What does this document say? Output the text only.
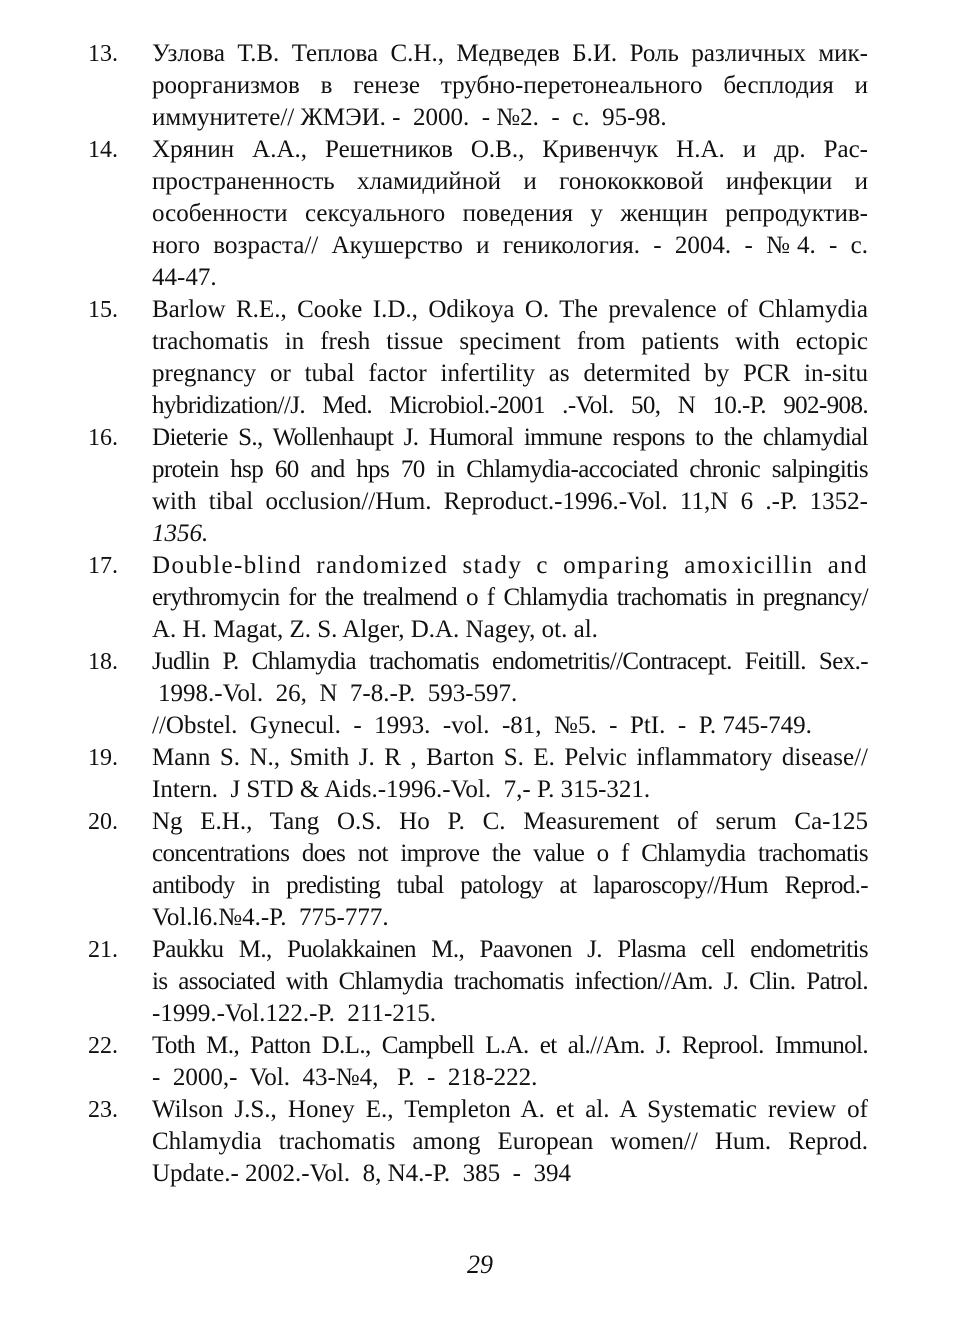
13.	Узлова Т.В. Теплова С.Н., Медведев Б.И. Роль различных мик-
роорганизмов в генезе трубно-перетонеального бесплодия и
иммунитете// ЖМЭИ. -  2000.  - №2.  -  с.  95-98.
14.	Хрянин А.А., Решетников О.В., Кривенчук Н.А. и др. Рас-
пространенность хламидийной и гонококковой инфекции и
особенности сексуального поведения у женщин репродуктив-
ного возраста// Акушерство и геникология. - 2004. - №4. - с.
44-47.
15.	Barlow R.E., Cooke I.D., Odikoya O. The prevalence of Chlamydia
trachomatis in fresh tissue speciment from patients with ectopic
pregnancy or tubal factor infertility as determited by PCR in-situ
hybridization//J. Med. Microbiol.-2001 .-Vol. 50, N 10.-P. 902-908.
16.	Dieterie S., Wollenhaupt J. Humoral immune respons to the chlamydial
protein hsp 60 and hps 70 in Chlamydia-accociated chronic salpingitis
with tibal occlusion//Hum. Reproduct.-1996.-Vol. 11,N 6 .-P. 1352-
1356.
17.	Double-blind randomized stady c omparing amoxicillin and
erythromycin for the trealmend o f Chlamydia trachomatis in pregnancy/
A. H. Magat, Z. S. Alger, D.A. Nagey, ot. al.
18.	Judlin P. Chlamydia trachomatis endometritis//Contracept. Feitill. Sex.-
1998.-Vol.  26,  N  7-8.-P.  593-597.
//Obstel.  Gynecul.  -  1993.  -vol.  -81,  №5.  -  PtI.  -  P. 745-749.
19.	Mann S. N., Smith J. R , Barton S. E. Pelvic inflammatory disease//
Intern.  J STD & Aids.-1996.-Vol.  7,- P. 315-321.
20.	Ng E.H., Tang O.S. Ho P. C. Measurement of serum Ca-125
concentrations does not improve the value o f Chlamydia trachomatis
antibody in predisting tubal patology at laparoscopy//Hum Reprod.-
Vol.l6.№4.-P.  775-777.
21.	Paukku M., Puolakkainen M., Paavonen J. Plasma cell endometritis
is associated with Chlamydia trachomatis infection//Am. J. Clin. Patrol.
-1999.-Vol.122.-P.  211-215.
22.	Toth M., Patton D.L., Campbell L.A. et al.//Am. J. Reprool. Immunol.
-  2000,-  Vol.  43-№4,   P.  -  218-222.
23.	Wilson J.S., Honey E., Templeton A. et al. A Systematic review of
Chlamydia trachomatis among European women// Hum. Reprod.
Update.- 2002.-Vol.  8, N4.-P.  385  -  394
29
